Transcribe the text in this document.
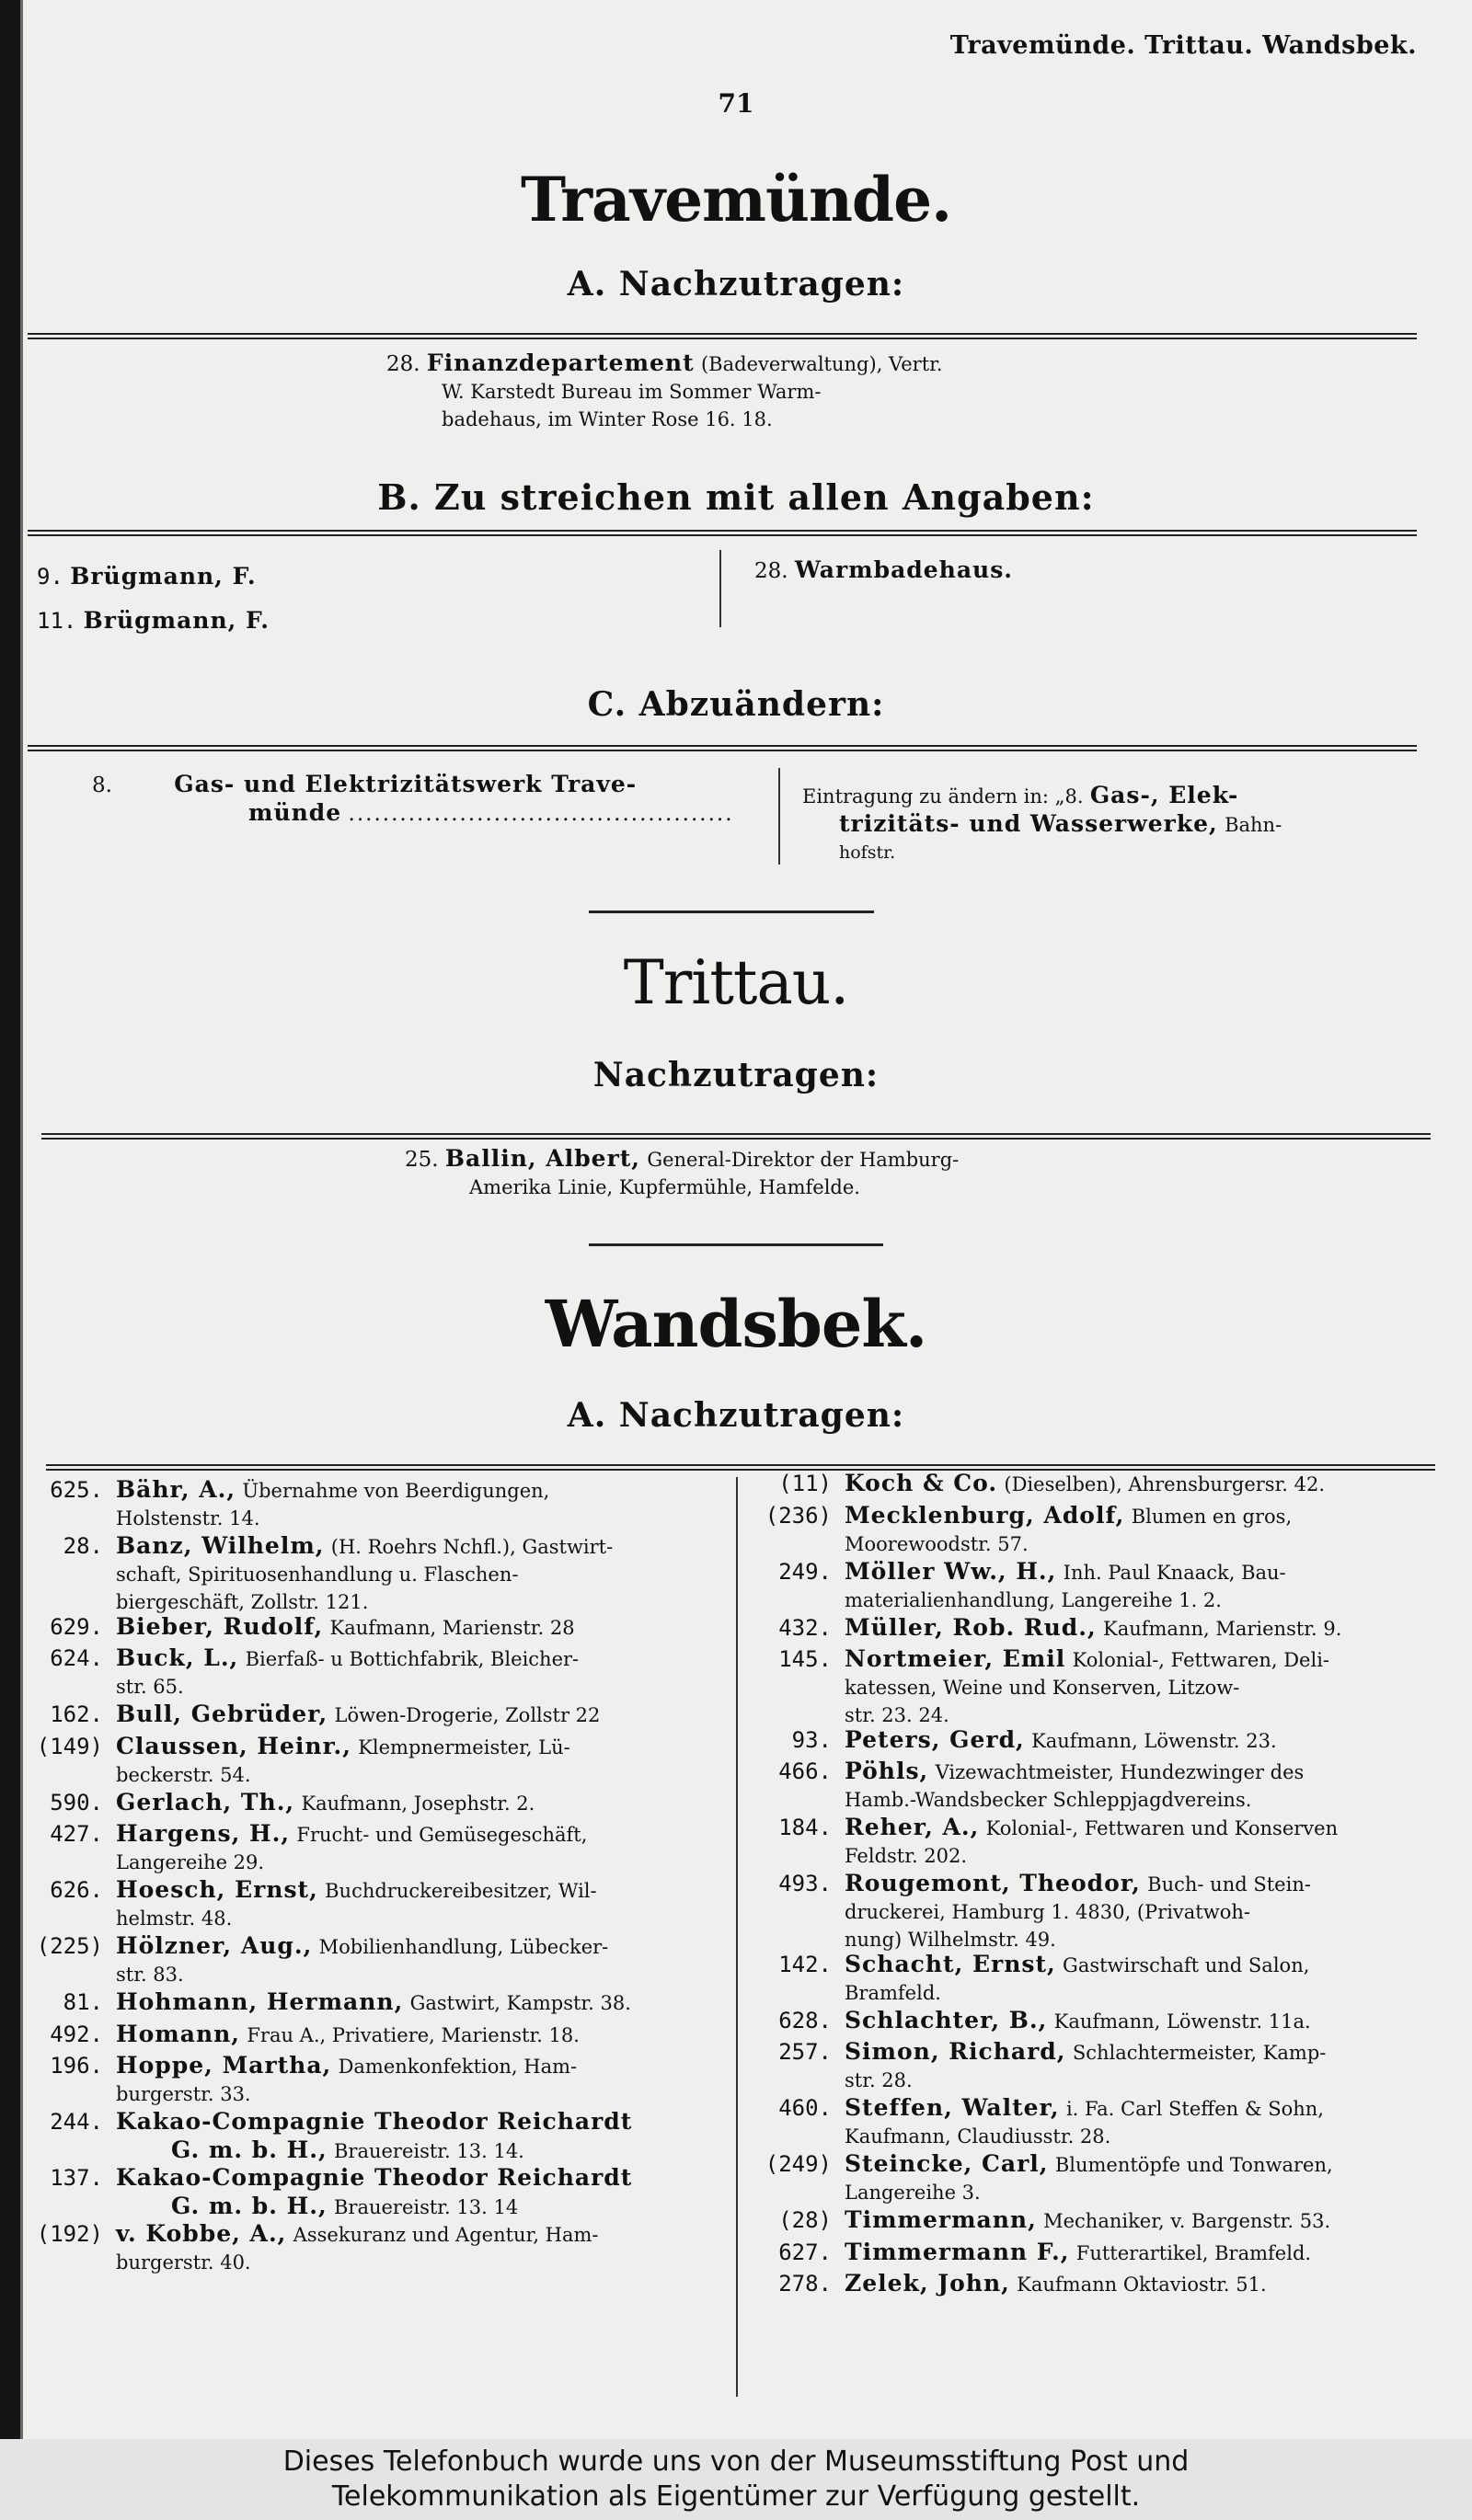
Travemünde. Trittau. Wandsbek.
71
Travemünde.
A. Nachzutragen:
28. Finanzdepartement (Badeverwaltung), Vertr.
W. Karstedt Bureau im Sommer Warm-
badehaus, im Winter Rose 16. 18.
B. Zu streichen mit allen Angaben:
9. Brügmann, F.
11. Brügmann, F.
28. Warmbadehaus.
C. Abzuändern:
8.	Gas- und Elektrizitätswerk Trave-
münde .............................................
Eintragung zu ändern in: „8. Gas-, Elek-
trizitäts- und Wasserwerke, Bahn-
hofstr.
Trittau.
Nachzutragen:
25. Ballin, Albert, General-Direktor der Hamburg-
Amerika Linie, Kupfermühle, Hamfelde.
Wandsbek.
A. Nachzutragen:
625. Bähr, A., Übernahme von Beerdigungen,
Holstenstr. 14.
28. Banz, Wilhelm, (H. Roehrs Nchfl.), Gastwirt-
schaft, Spirituosenhandlung u. Flaschen-
biergeschäft, Zollstr. 121.
629. Bieber, Rudolf, Kaufmann, Marienstr. 28
624. Buck, L., Bierfaß- u Bottichfabrik, Bleicher-
str. 65.
162. Bull, Gebrüder, Löwen-Drogerie, Zollstr 22
(149) Claussen, Heinr., Klempnermeister, Lü-
beckerstr. 54.
590. Gerlach, Th., Kaufmann, Josephstr. 2.
427. Hargens, H., Frucht- und Gemüsegeschäft,
Langereihe 29.
626. Hoesch, Ernst, Buchdruckereibesitzer, Wil-
helmstr. 48.
(225) Hölzner, Aug., Mobilienhandlung, Lübecker-
str. 83.
81. Hohmann, Hermann, Gastwirt, Kampstr. 38.
492. Homann, Frau A., Privatiere, Marienstr. 18.
196. Hoppe, Martha, Damenkonfektion, Ham-
burgerstr. 33.
244. Kakao-Compagnie Theodor Reichardt
G. m. b. H., Brauereistr. 13. 14.
137. Kakao-Compagnie Theodor Reichardt
G. m. b. H., Brauereistr. 13. 14
(192) v. Kobbe, A., Assekuranz und Agentur, Ham-
burgerstr. 40.
(11) Koch & Co. (Dieselben), Ahrensburgersr. 42.
(236) Mecklenburg, Adolf, Blumen en gros,
Moorewoodstr. 57.
249. Möller Ww., H., Inh. Paul Knaack, Bau-
materialienhandlung, Langereihe 1. 2.
432. Müller, Rob. Rud., Kaufmann, Marienstr. 9.
145. Nortmeier, Emil Kolonial-, Fettwaren, Deli-
katessen, Weine und Konserven, Litzow-
str. 23. 24.
93. Peters, Gerd, Kaufmann, Löwenstr. 23.
466. Pöhls, Vizewachtmeister, Hundezwinger des
Hamb.-Wandsbecker Schleppjagdvereins.
184. Reher, A., Kolonial-, Fettwaren und Konserven
Feldstr. 202.
493. Rougemont, Theodor, Buch- und Stein-
druckerei, Hamburg 1. 4830, (Privatwoh-
nung) Wilhelmstr. 49.
142. Schacht, Ernst, Gastwirschaft und Salon,
Bramfeld.
628. Schlachter, B., Kaufmann, Löwenstr. 11a.
257. Simon, Richard, Schlachtermeister, Kamp-
str. 28.
460. Steffen, Walter, i. Fa. Carl Steffen & Sohn,
Kaufmann, Claudiusstr. 28.
(249) Steincke, Carl, Blumentöpfe und Tonwaren,
Langereihe 3.
(28) Timmermann, Mechaniker, v. Bargenstr. 53.
627. Timmermann F., Futterartikel, Bramfeld.
278. Zelek, John, Kaufmann Oktaviostr. 51.
Dieses Telefonbuch wurde uns von der Museumsstiftung Post und
Telekommunikation als Eigentümer zur Verfügung gestellt.
